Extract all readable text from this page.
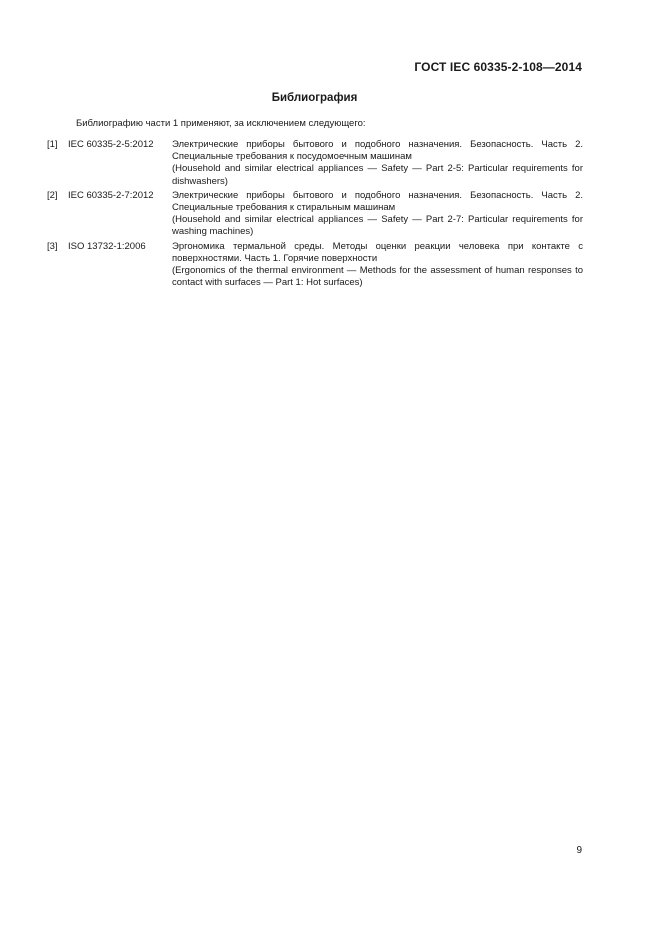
ГОСТ IEC 60335-2-108—2014
Библиография
Библиографию части 1 применяют, за исключением следующего:
[1]	IEC 60335-2-5:2012	Электрические приборы бытового и подобного назначения. Безопасность. Часть 2. Специальные требования к посудомоечным машинам
(Household and similar electrical appliances — Safety — Part 2-5: Particular requirements for dishwashers)
[2]	IEC 60335-2-7:2012	Электрические приборы бытового и подобного назначения. Безопасность. Часть 2. Специальные требования к стиральным машинам
(Household and similar electrical appliances — Safety — Part 2-7: Particular requirements for washing machines)
[3]	ISO 13732-1:2006	Эргономика термальной среды. Методы оценки реакции человека при контакте с поверхностями. Часть 1. Горячие поверхности
(Ergonomics of the thermal environment — Methods for the assessment of human responses to contact with surfaces — Part 1: Hot surfaces)
9
